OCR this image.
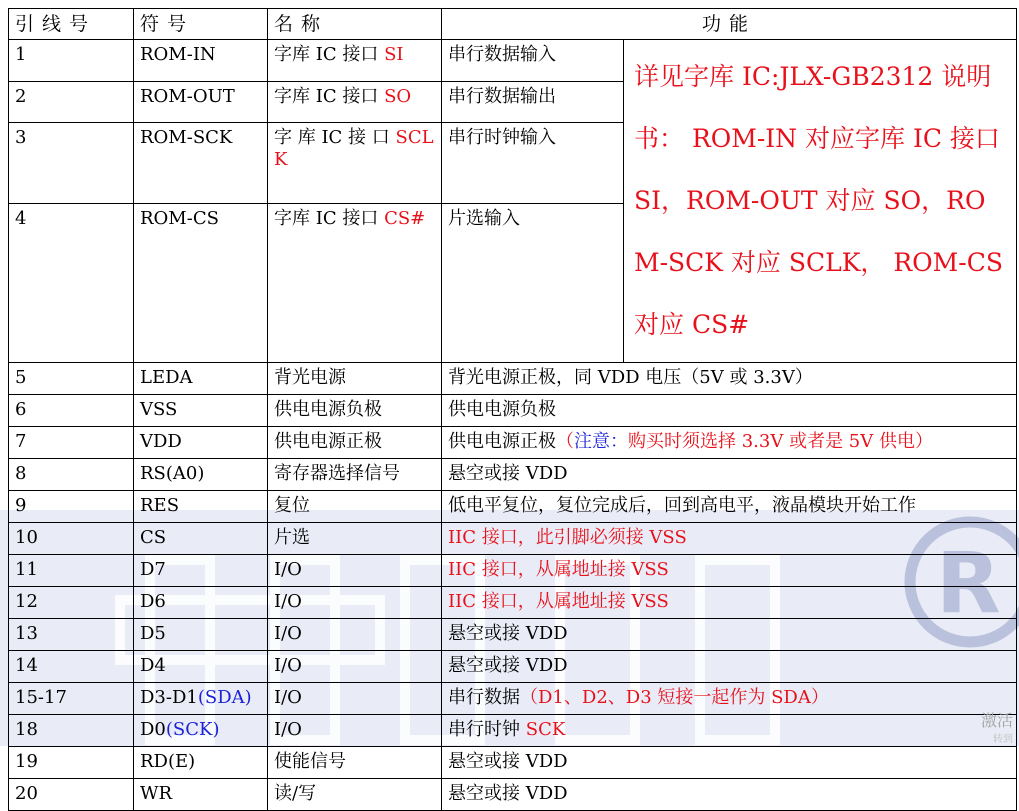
R
引线号	符号	名称	功能	
1	ROM-IN	字库 IC 接口 SI	串行数据输入	详见字库 IC:JLX-GB2312 说明书： ROM-IN 对应字库 IC 接口 SI，ROM-OUT 对应 SO，ROM-SCK 对应 SCLK， ROM-CS 对应 CS#
2	ROM-OUT	字库 IC 接口 SO	串行数据输出	
3	ROM-SCK	字 库 IC 接 口 SCLK	串行时钟输入	
4	ROM-CS	字库 IC 接口 CS#	片选输入	
5	LEDA	背光电源	背光电源正极，同 VDD 电压（5V 或 3.3V）	
6	VSS	供电电源负极	供电电源负极	
7	VDD	供电电源正极	供电电源正极（注意：购买时须选择 3.3V 或者是 5V 供电）	
8	RS(A0)	寄存器选择信号	悬空或接 VDD	
9	RES	复位	低电平复位，复位完成后，回到高电平，液晶模块开始工作	
10	CS	片选	IIC 接口，此引脚必须接 VSS	
11	D7	I/O	IIC 接口，从属地址接 VSS	
12	D6	I/O	IIC 接口，从属地址接 VSS	
13	D5	I/O	悬空或接 VDD	
14	D4	I/O	悬空或接 VDD	
15-17	D3-D1(SDA)	I/O	串行数据（D1、D2、D3 短接一起作为 SDA）	
18	D0(SCK)	I/O	串行时钟 SCK	
19	RD(E)	使能信号	悬空或接 VDD	
20	WR	读/写	悬空或接 VDD	
激活
转到
